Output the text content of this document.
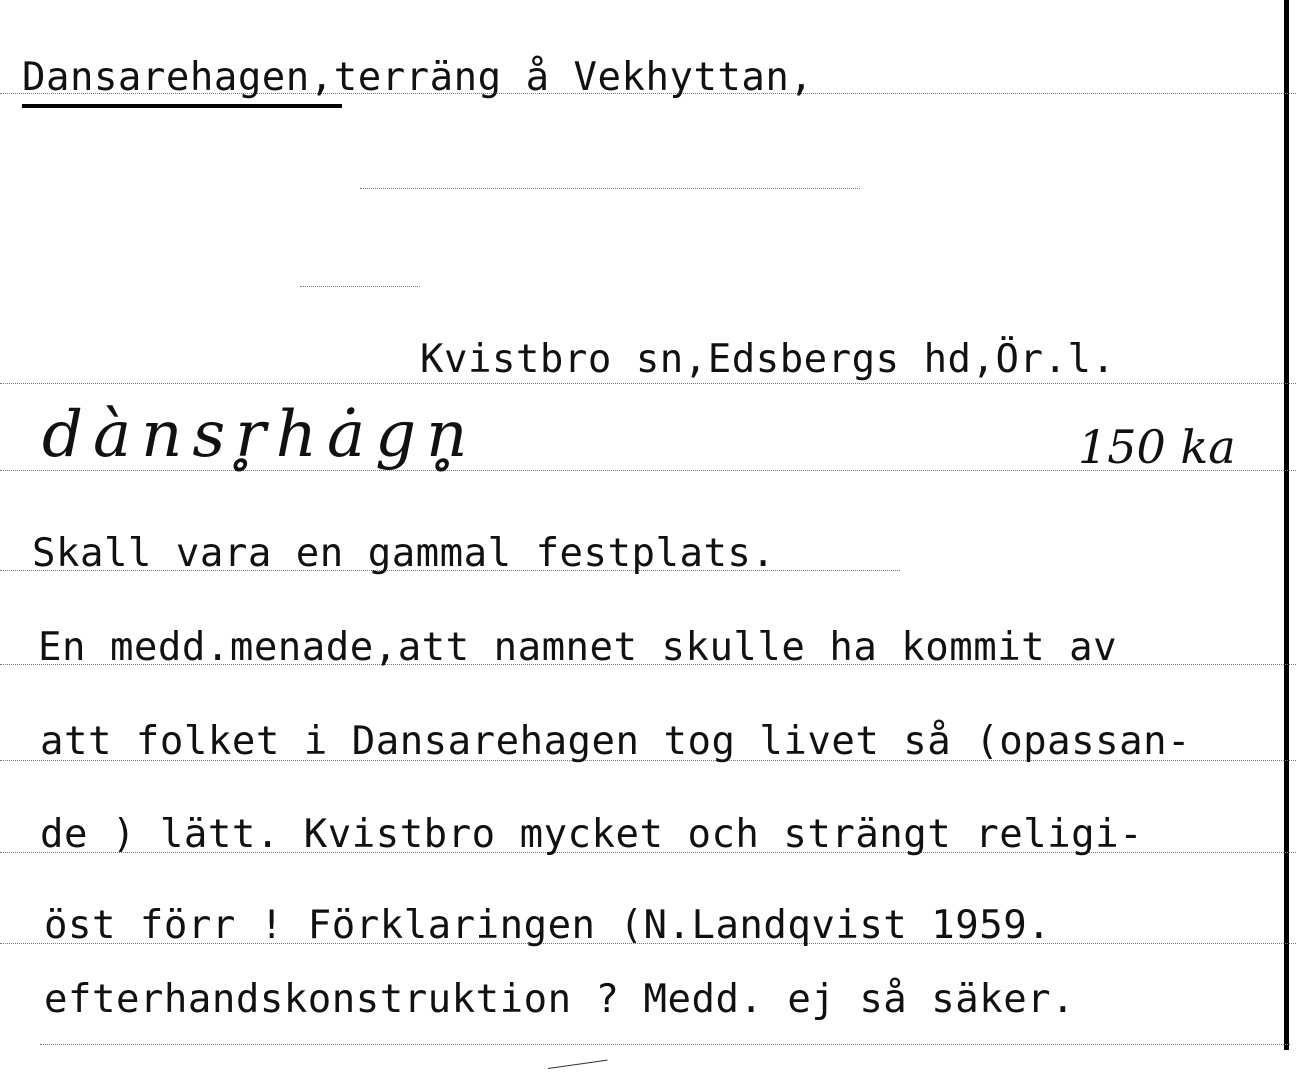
Dansarehagen,terräng å Vekhyttan,
Kvistbro sn,Edsbergs hd,Ör.l.
dànsr̥hȧgn̥	150 ka
Skall vara en gammal festplats.
En medd.menade,att namnet skulle ha kommit av
att folket i Dansarehagen tog livet så (opassan-
de ) lätt. Kvistbro mycket och strängt religi-
öst förr ! Förklaringen (N.Landqvist 1959.
efterhandskonstruktion ? Medd. ej så säker.
